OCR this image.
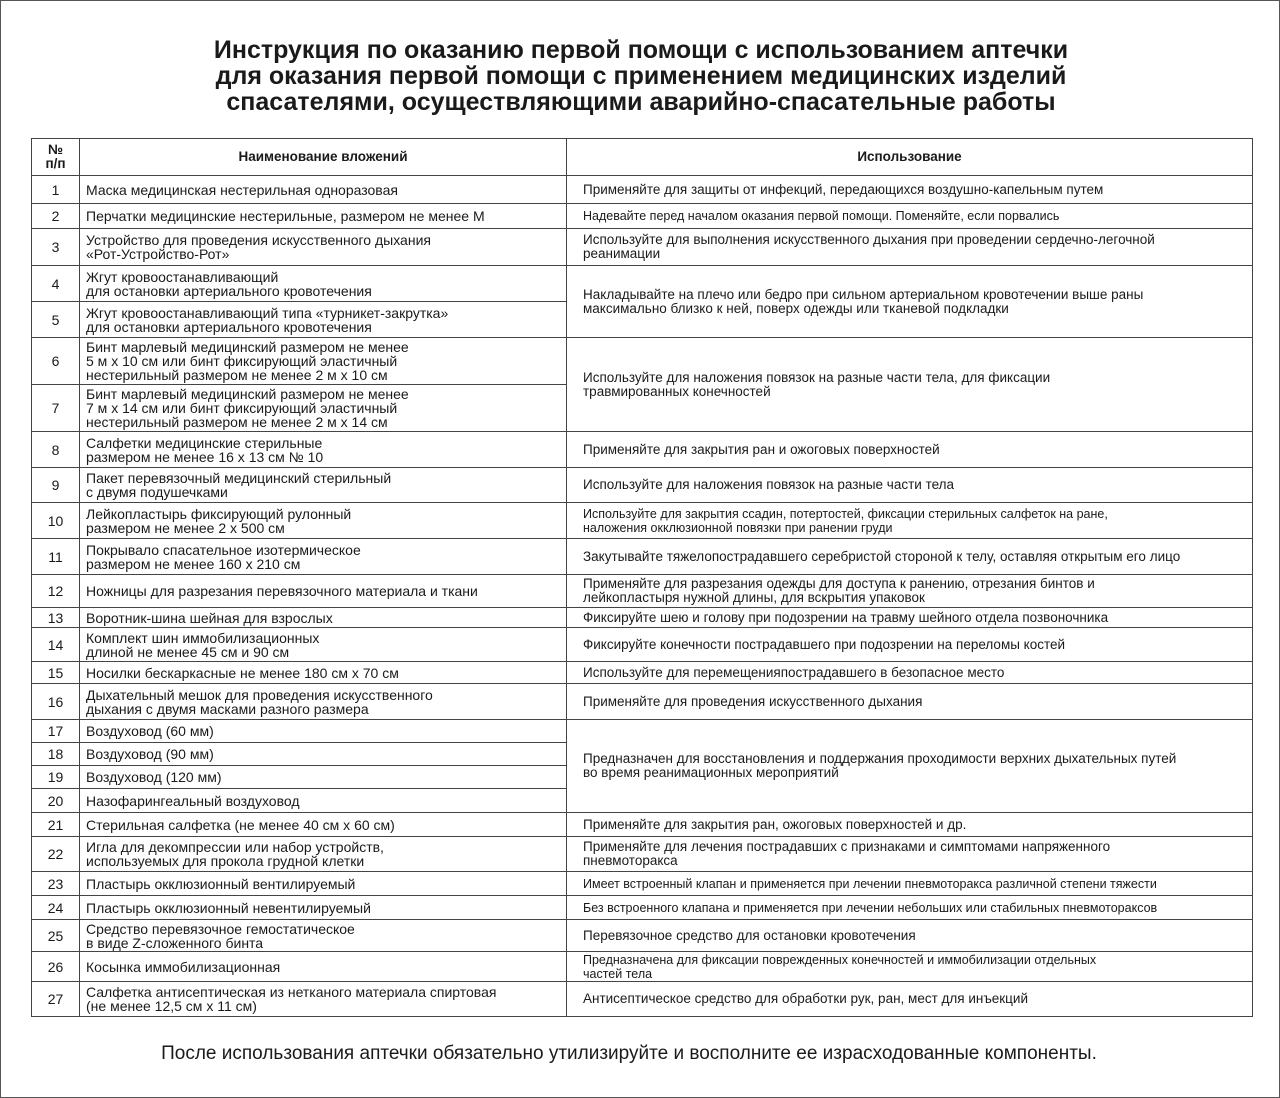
Инструкция по оказанию первой помощи с использованием аптечки
для оказания первой помощи с применением медицинских изделий
спасателями, осуществляющими аварийно-спасательные работы
№
п/п	Наименование вложений	Использование
1	Маска медицинская нестерильная одноразовая	Применяйте для защиты от инфекций, передающихся воздушно-капельным путем

2	Перчатки медицинские нестерильные, размером не менее М	Надевайте перед началом оказания первой помощи. Поменяйте, если порвались

3	Устройство для проведения искусственного дыхания
«Рот-Устройство-Рот»	Используйте для выполнения искусственного дыхания при проведении сердечно-легочной
реанимации

4	Жгут кровоостанавливающий
для остановки артериального кровотечения	Накладывайте на плечо или бедро при сильном артериальном кровотечении выше раны
максимально близко к ней, поверх одежды или тканевой подкладки

5	Жгут кровоостанавливающий типа «турникет-закрутка»
для остановки артериального кровотечения	

6	Бинт марлевый медицинский размером не менее
5 м х 10 см или бинт фиксирующий эластичный
нестерильный размером не менее 2 м х 10 см	Используйте для наложения повязок на разные части тела, для фиксации
травмированных конечностей

7	Бинт марлевый медицинский размером не менее
7 м х 14 см или бинт фиксирующий эластичный
нестерильный размером не менее 2 м х 14 см	

8	Салфетки медицинские стерильные
размером не менее 16 х 13 см № 10	Применяйте для закрытия ран и ожоговых поверхностей

9	Пакет перевязочный медицинский стерильный
с двумя подушечками	Используйте для наложения повязок на разные части тела

10	Лейкопластырь фиксирующий рулонный
размером не менее 2 х 500 см	Используйте для закрытия ссадин, потертостей, фиксации стерильных салфеток на ране,
наложения окклюзионной повязки при ранении груди

11	Покрывало спасательное изотермическое
размером не менее 160 х 210 см	Закутывайте тяжелопострадавшего серебристой стороной к телу, оставляя открытым его лицо

12	Ножницы для разрезания перевязочного материала и ткани	Применяйте для разрезания одежды для доступа к ранению, отрезания бинтов и
лейкопластыря нужной длины, для вскрытия упаковок

13	Воротник-шина шейная для взрослых	Фиксируйте шею и голову при подозрении на травму шейного отдела позвоночника

14	Комплект шин иммобилизационных
длиной не менее 45 см и 90 см	Фиксируйте конечности пострадавшего при подозрении на переломы костей

15	Носилки бескаркасные не менее 180 см х 70 см	Используйте для перемещенияпострадавшего в безопасное место

16	Дыхательный мешок для проведения искусственного
дыхания с двумя масками разного размера	Применяйте для проведения искусственного дыхания

17	Воздуховод (60 мм)	Предназначен для восстановления и поддержания проходимости верхних дыхательных путей
во время реанимационных мероприятий

18	Воздуховод (90 мм)	

19	Воздуховод (120 мм)	

20	Назофарингеальный воздуховод	

21	Стерильная салфетка (не менее 40 см х 60 см)	Применяйте для закрытия ран, ожоговых поверхностей и др.

22	Игла для декомпрессии или набор устройств,
используемых для прокола грудной клетки	Применяйте для лечения пострадавших с признаками и симптомами напряженного
пневмоторакса

23	Пластырь окклюзионный вентилируемый	Имеет встроенный клапан и применяется при лечении пневмоторакса различной степени тяжести

24	Пластырь окклюзионный невентилируемый	Без встроенного клапана и применяется при лечении небольших или стабильных пневмотораксов

25	Средство перевязочное гемостатическое
в виде Z-сложенного бинта	Перевязочное средство для остановки кровотечения

26	Косынка иммобилизационная	Предназначена для фиксации поврежденных конечностей и иммобилизации отдельных
частей тела

27	Салфетка антисептическая из нетканого материала спиртовая
(не менее 12,5 см х 11 см)	Антисептическое средство для обработки рук, ран, мест для инъекций
После использования аптечки обязательно утилизируйте и восполните ее израсходованные компоненты.
